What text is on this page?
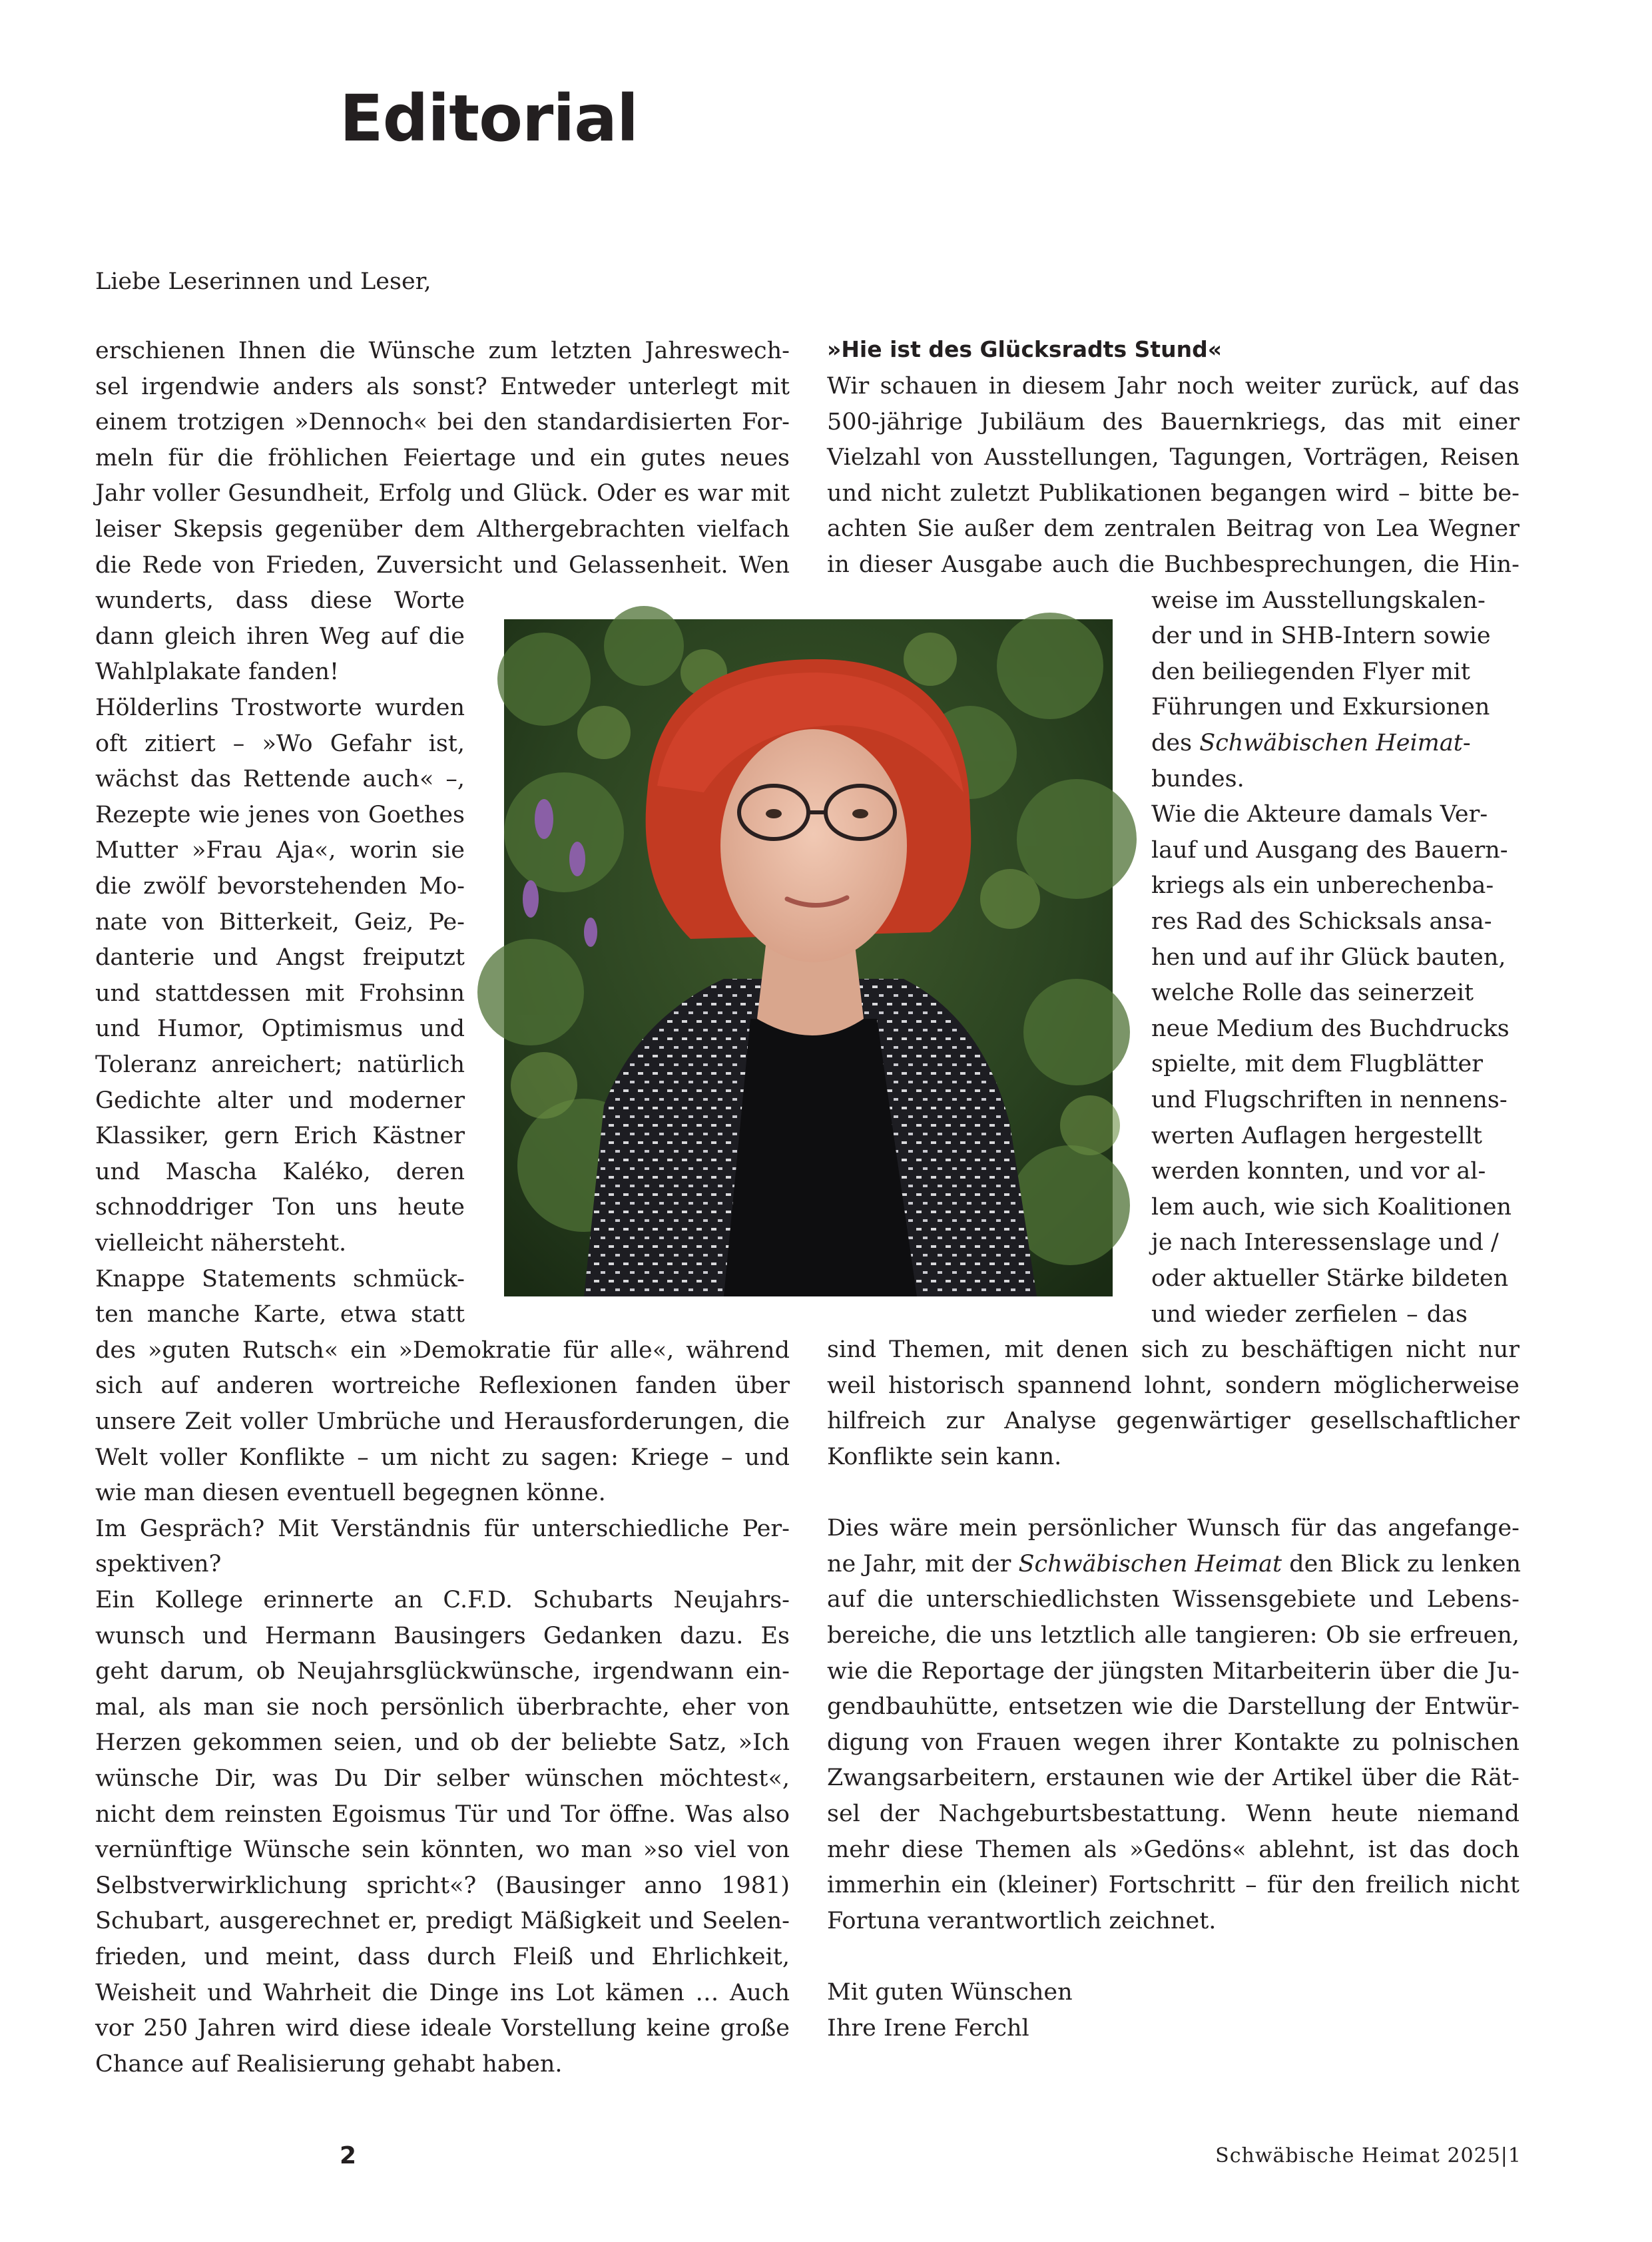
Editorial
Liebe Leserinnen und Leser,
erschienen Ihnen die Wünsche zum letzten Jahreswech-
sel irgendwie anders als sonst? Entweder unterlegt mit
einem trotzigen »Dennoch« bei den standardisierten For-
meln für die fröhlichen Feiertage und ein gutes neues
Jahr voller Gesundheit, Erfolg und Glück. Oder es war mit
leiser Skepsis gegenüber dem Althergebrachten vielfach
die Rede von Frieden, Zuversicht und Gelassenheit. Wen
wunderts, dass diese Worte
dann gleich ihren Weg auf die
Wahlplakate fanden!
Hölderlins Trostworte wurden
oft zitiert – »Wo Gefahr ist,
wächst das Rettende auch« –,
Rezepte wie jenes von Goethes
Mutter »Frau Aja«, worin sie
die zwölf bevorstehenden Mo-
nate von Bitterkeit, Geiz, Pe-
danterie und Angst freiputzt
und stattdessen mit Frohsinn
und Humor, Optimismus und
Toleranz anreichert; natürlich
Gedichte alter und moderner
Klassiker, gern Erich Kästner
und Mascha Kaléko, deren
schnoddriger Ton uns heute
vielleicht nähersteht.
Knappe Statements schmück-
ten manche Karte, etwa statt
des »guten Rutsch« ein »Demokratie für alle«, während
sich auf anderen wortreiche Reflexionen fanden über
unsere Zeit voller Umbrüche und Herausforderungen, die
Welt voller Konflikte – um nicht zu sagen: Kriege – und
wie man diesen eventuell begegnen könne.
Im Gespräch? Mit Verständnis für unterschiedliche Per-
spektiven?
Ein Kollege erinnerte an C.F.D. Schubarts Neujahrs-
wunsch und Hermann Bausingers Gedanken dazu. Es
geht darum, ob Neujahrsglückwünsche, irgendwann ein-
mal, als man sie noch persönlich überbrachte, eher von
Herzen gekommen seien, und ob der beliebte Satz, »Ich
wünsche Dir, was Du Dir selber wünschen möchtest«,
nicht dem reinsten Egoismus Tür und Tor öffne. Was also
vernünftige Wünsche sein könnten, wo man »so viel von
Selbstverwirklichung spricht«? (Bausinger anno 1981)
Schubart, ausgerechnet er, predigt Mäßigkeit und Seelen-
frieden, und meint, dass durch Fleiß und Ehrlichkeit,
Weisheit und Wahrheit die Dinge ins Lot kämen … Auch
vor 250 Jahren wird diese ideale Vorstellung keine große
Chance auf Realisierung gehabt haben.
»Hie ist des Glücksradts Stund«
Wir schauen in diesem Jahr noch weiter zurück, auf das
500-jährige Jubiläum des Bauernkriegs, das mit einer
Vielzahl von Ausstellungen, Tagungen, Vorträgen, Reisen
und nicht zuletzt Publikationen begangen wird – bitte be-
achten Sie außer dem zentralen Beitrag von Lea Wegner
in dieser Ausgabe auch die Buchbesprechungen, die Hin-
weise im Ausstellungskalen-
der und in SHB-Intern sowie
den beiliegenden Flyer mit
Führungen und Exkursionen
des Schwäbischen Heimat-
bundes.
Wie die Akteure damals Ver-
lauf und Ausgang des Bauern-
kriegs als ein unberechenba-
res Rad des Schicksals ansa-
hen und auf ihr Glück bauten,
welche Rolle das seinerzeit
neue Medium des Buchdrucks
spielte, mit dem Flugblätter
und Flugschriften in nennens-
werten Auflagen hergestellt
werden konnten, und vor al-
lem auch, wie sich Koalitionen
je nach Interessenslage und /
oder aktueller Stärke bildeten
und wieder zerfielen – das
sind Themen, mit denen sich zu beschäftigen nicht nur
weil historisch spannend lohnt, sondern möglicherweise
hilfreich zur Analyse gegenwärtiger gesellschaftlicher
Konflikte sein kann.
Dies wäre mein persönlicher Wunsch für das angefange-
ne Jahr, mit der Schwäbischen Heimat den Blick zu lenken
auf die unterschiedlichsten Wissensgebiete und Lebens-
bereiche, die uns letztlich alle tangieren: Ob sie erfreuen,
wie die Reportage der jüngsten Mitarbeiterin über die Ju-
gendbauhütte, entsetzen wie die Darstellung der Entwür-
digung von Frauen wegen ihrer Kontakte zu polnischen
Zwangsarbeitern, erstaunen wie der Artikel über die Rät-
sel der Nachgeburtsbestattung. Wenn heute niemand
mehr diese Themen als »Gedöns« ablehnt, ist das doch
immerhin ein (kleiner) Fortschritt – für den freilich nicht
Fortuna verantwortlich zeichnet.
Mit guten Wünschen
Ihre Irene Ferchl
2	Schwäbische Heimat 2025|1
